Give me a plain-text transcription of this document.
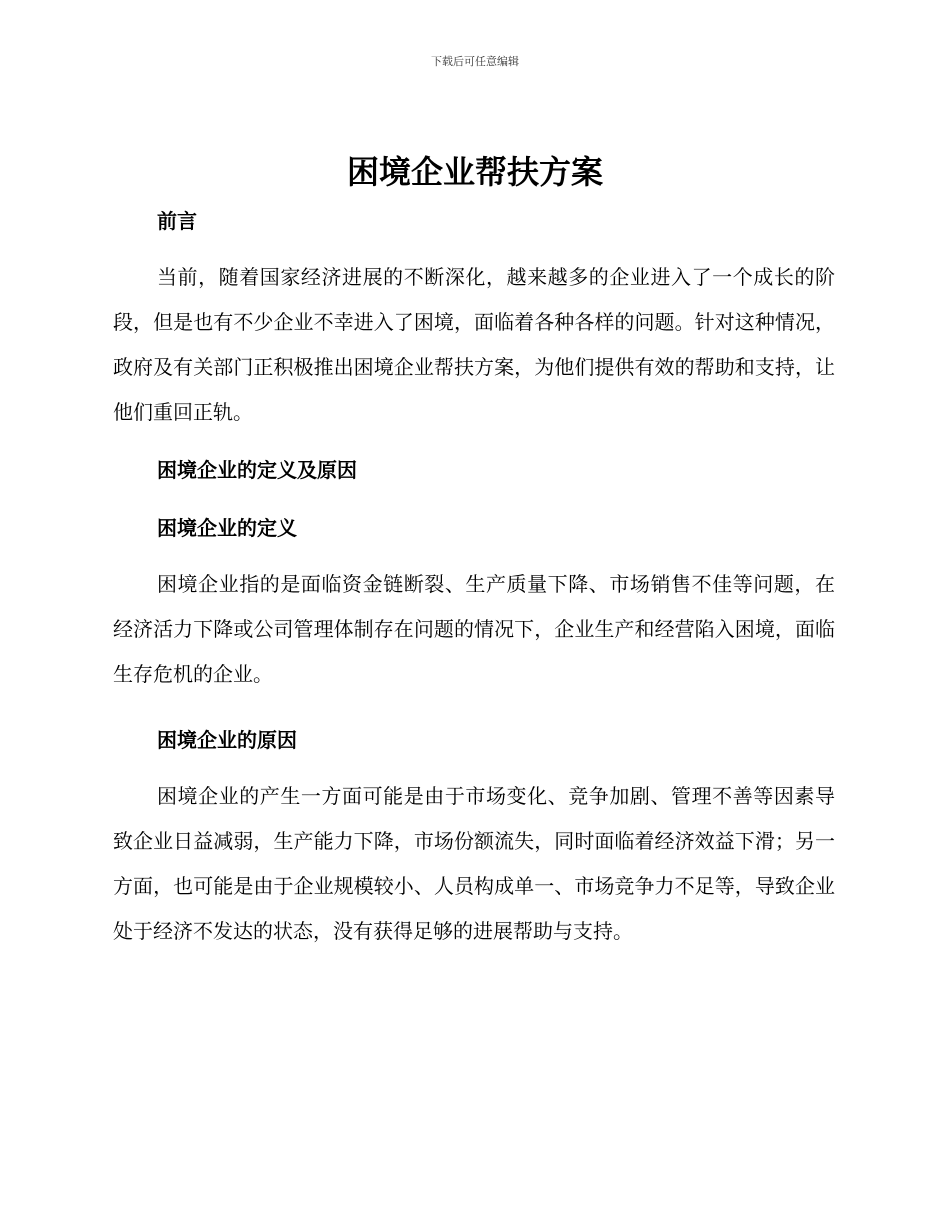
下载后可任意编辑
困境企业帮扶方案
前言

当前，随着国家经济进展的不断深化，越来越多的企业进入了一个成长的阶段，但是也有不少企业不幸进入了困境，面临着各种各样的问题。针对这种情况，政府及有关部门正积极推出困境企业帮扶方案，为他们提供有效的帮助和支持，让他们重回正轨。

困境企业的定义及原因
困境企业的定义

困境企业指的是面临资金链断裂、生产质量下降、市场销售不佳等问题，在经济活力下降或公司管理体制存在问题的情况下，企业生产和经营陷入困境，面临生存危机的企业。

困境企业的原因

困境企业的产生一方面可能是由于市场变化、竞争加剧、管理不善等因素导致企业日益减弱，生产能力下降，市场份额流失，同时面临着经济效益下滑；另一方面，也可能是由于企业规模较小、人员构成单一、市场竞争力不足等，导致企业处于经济不发达的状态，没有获得足够的进展帮助与支持。
